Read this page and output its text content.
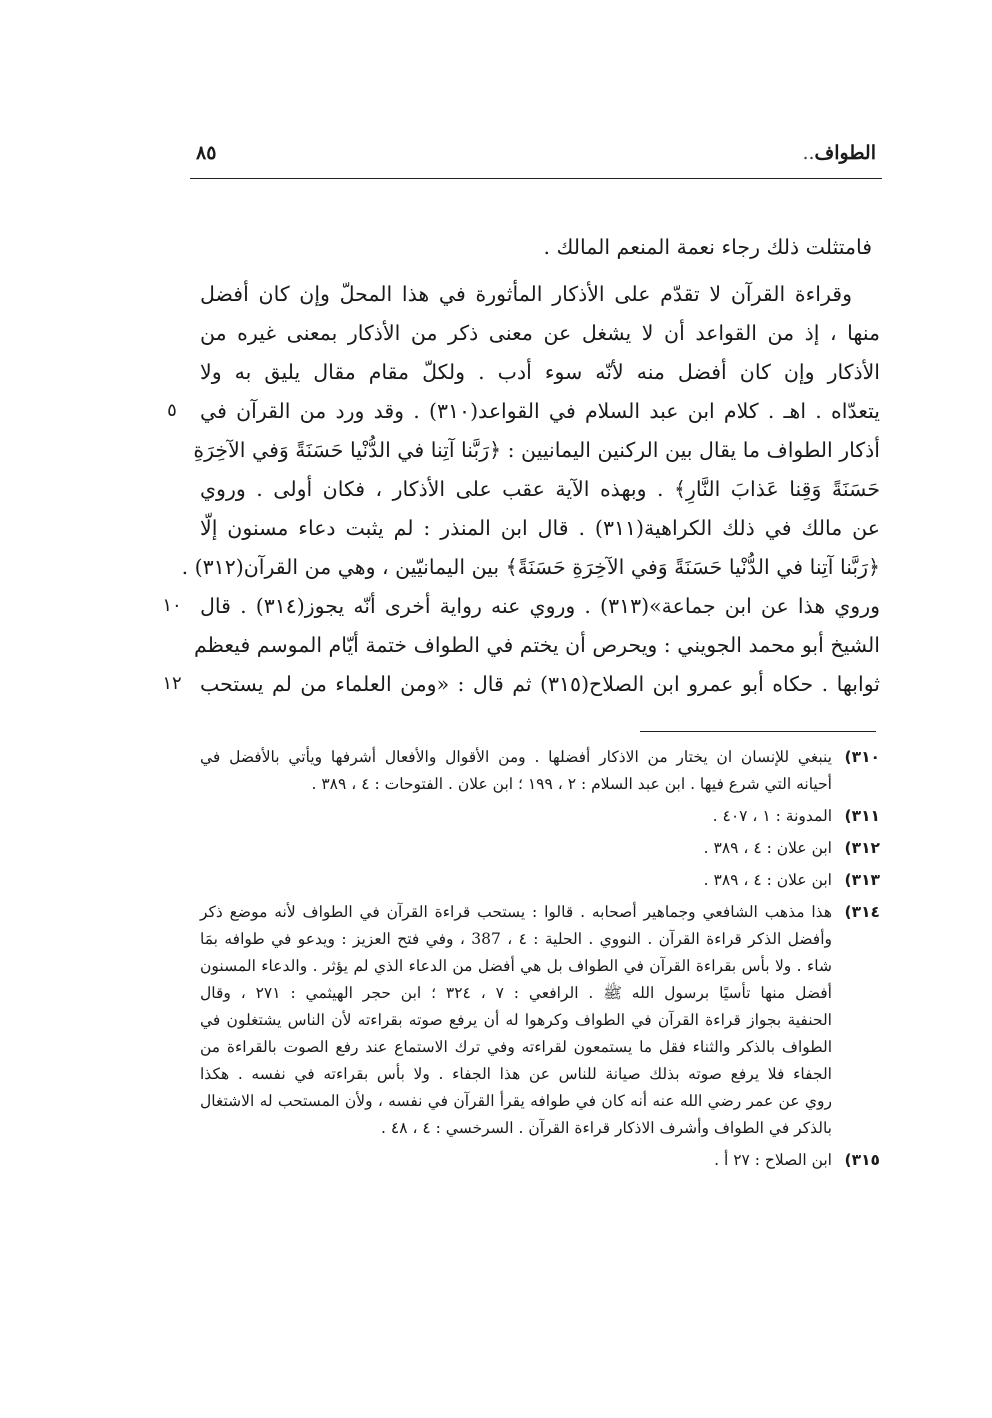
الطواف..
٨٥
فامتثلت ذلك رجاء نعمة المنعم المالك .
وقراءة القرآن لا تقدّم على الأذكار المأثورة في هذا المحلّ وإن كان أفضل
منها ، إذ من القواعد أن لا يشغل عن معنى ذكر من الأذكار بمعنى غيره من
الأذكار وإن كان أفضل منه لأنّه سوء أدب . ولكلّ مقام مقال يليق به ولا
يتعدّاه . اهـ . كلام ابن عبد السلام في القواعد(٣١٠) . وقد ورد من القرآن في
أذكار الطواف ما يقال بين الركنين اليمانيين : ﴿رَبَّنا آتِنا في الدُّنْيا حَسَنَةً وَفي الآخِرَةِ
حَسَنَةً وَقِنا عَذابَ النَّارِ﴾ . وبهذه الآية عقب على الأذكار ، فكان أولى . وروي
عن مالك في ذلك الكراهية(٣١١) . قال ابن المنذر : لم يثبت دعاء مسنون إلّا
﴿رَبَّنا آتِنا في الدُّنْيا حَسَنَةً وَفي الآخِرَةِ حَسَنَةً﴾ بين اليمانيّين ، وهي من القرآن(٣١٢) .
وروي هذا عن ابن جماعة»(٣١٣) . وروي عنه رواية أخرى أنّه يجوز(٣١٤) . قال
الشيخ أبو محمد الجويني : ويحرص أن يختم في الطواف ختمة أيّام الموسم فيعظم
ثوابها . حكاه أبو عمرو ابن الصلاح(٣١٥) ثم قال : «ومن العلماء من لم يستحب
٥
١٠
١٢
٣١٠)
ينبغي للإنسان ان يختار من الاذكار أفضلها . ومن الأقوال والأفعال أشرفها ويأتي بالأفضل في
أحيانه التي شرع فيها . ابن عبد السلام : ٢ ، ١٩٩ ؛ ابن علان . الفتوحات : ٤ ، ٣٨٩ .
٣١١)
المدونة : ١ ، ٤٠٧ .
٣١٢)
ابن علان : ٤ ، ٣٨٩ .
٣١٣)
ابن علان : ٤ ، ٣٨٩ .
٣١٤)
هذا مذهب الشافعي وجماهير أصحابه . قالوا : يستحب قراءة القرآن في الطواف لأنه موضع ذكر
وأفضل الذكر قراءة القرآن . النووي . الحلية : ٤ ، 387 ، وفي فتح العزيز : ويدعو في طوافه بمَا
شاء . ولا بأس بقراءة القرآن في الطواف بل هي أفضل من الدعاء الذي لم يؤثر . والدعاء المسنون
أفضل منها تأسيًا برسول الله ﷺ . الرافعي : ٧ ، ٣٢٤ ؛ ابن حجر الهيثمي : ٢٧١ ، وقال
الحنفية بجواز قراءة القرآن في الطواف وكرهوا له أن يرفع صوته بقراءته لأن الناس يشتغلون في
الطواف بالذكر والثناء فقل ما يستمعون لقراءته وفي ترك الاستماع عند رفع الصوت بالقراءة من
الجفاء فلا يرفع صوته بذلك صيانة للناس عن هذا الجفاء . ولا بأس بقراءته في نفسه . هكذا
روي عن عمر رضي الله عنه أنه كان في طوافه يقرأ القرآن في نفسه ، ولأن المستحب له الاشتغال
بالذكر في الطواف وأشرف الاذكار قراءة القرآن . السرخسي : ٤ ، ٤٨ .
٣١٥)
ابن الصلاح : ٢٧ أ .
